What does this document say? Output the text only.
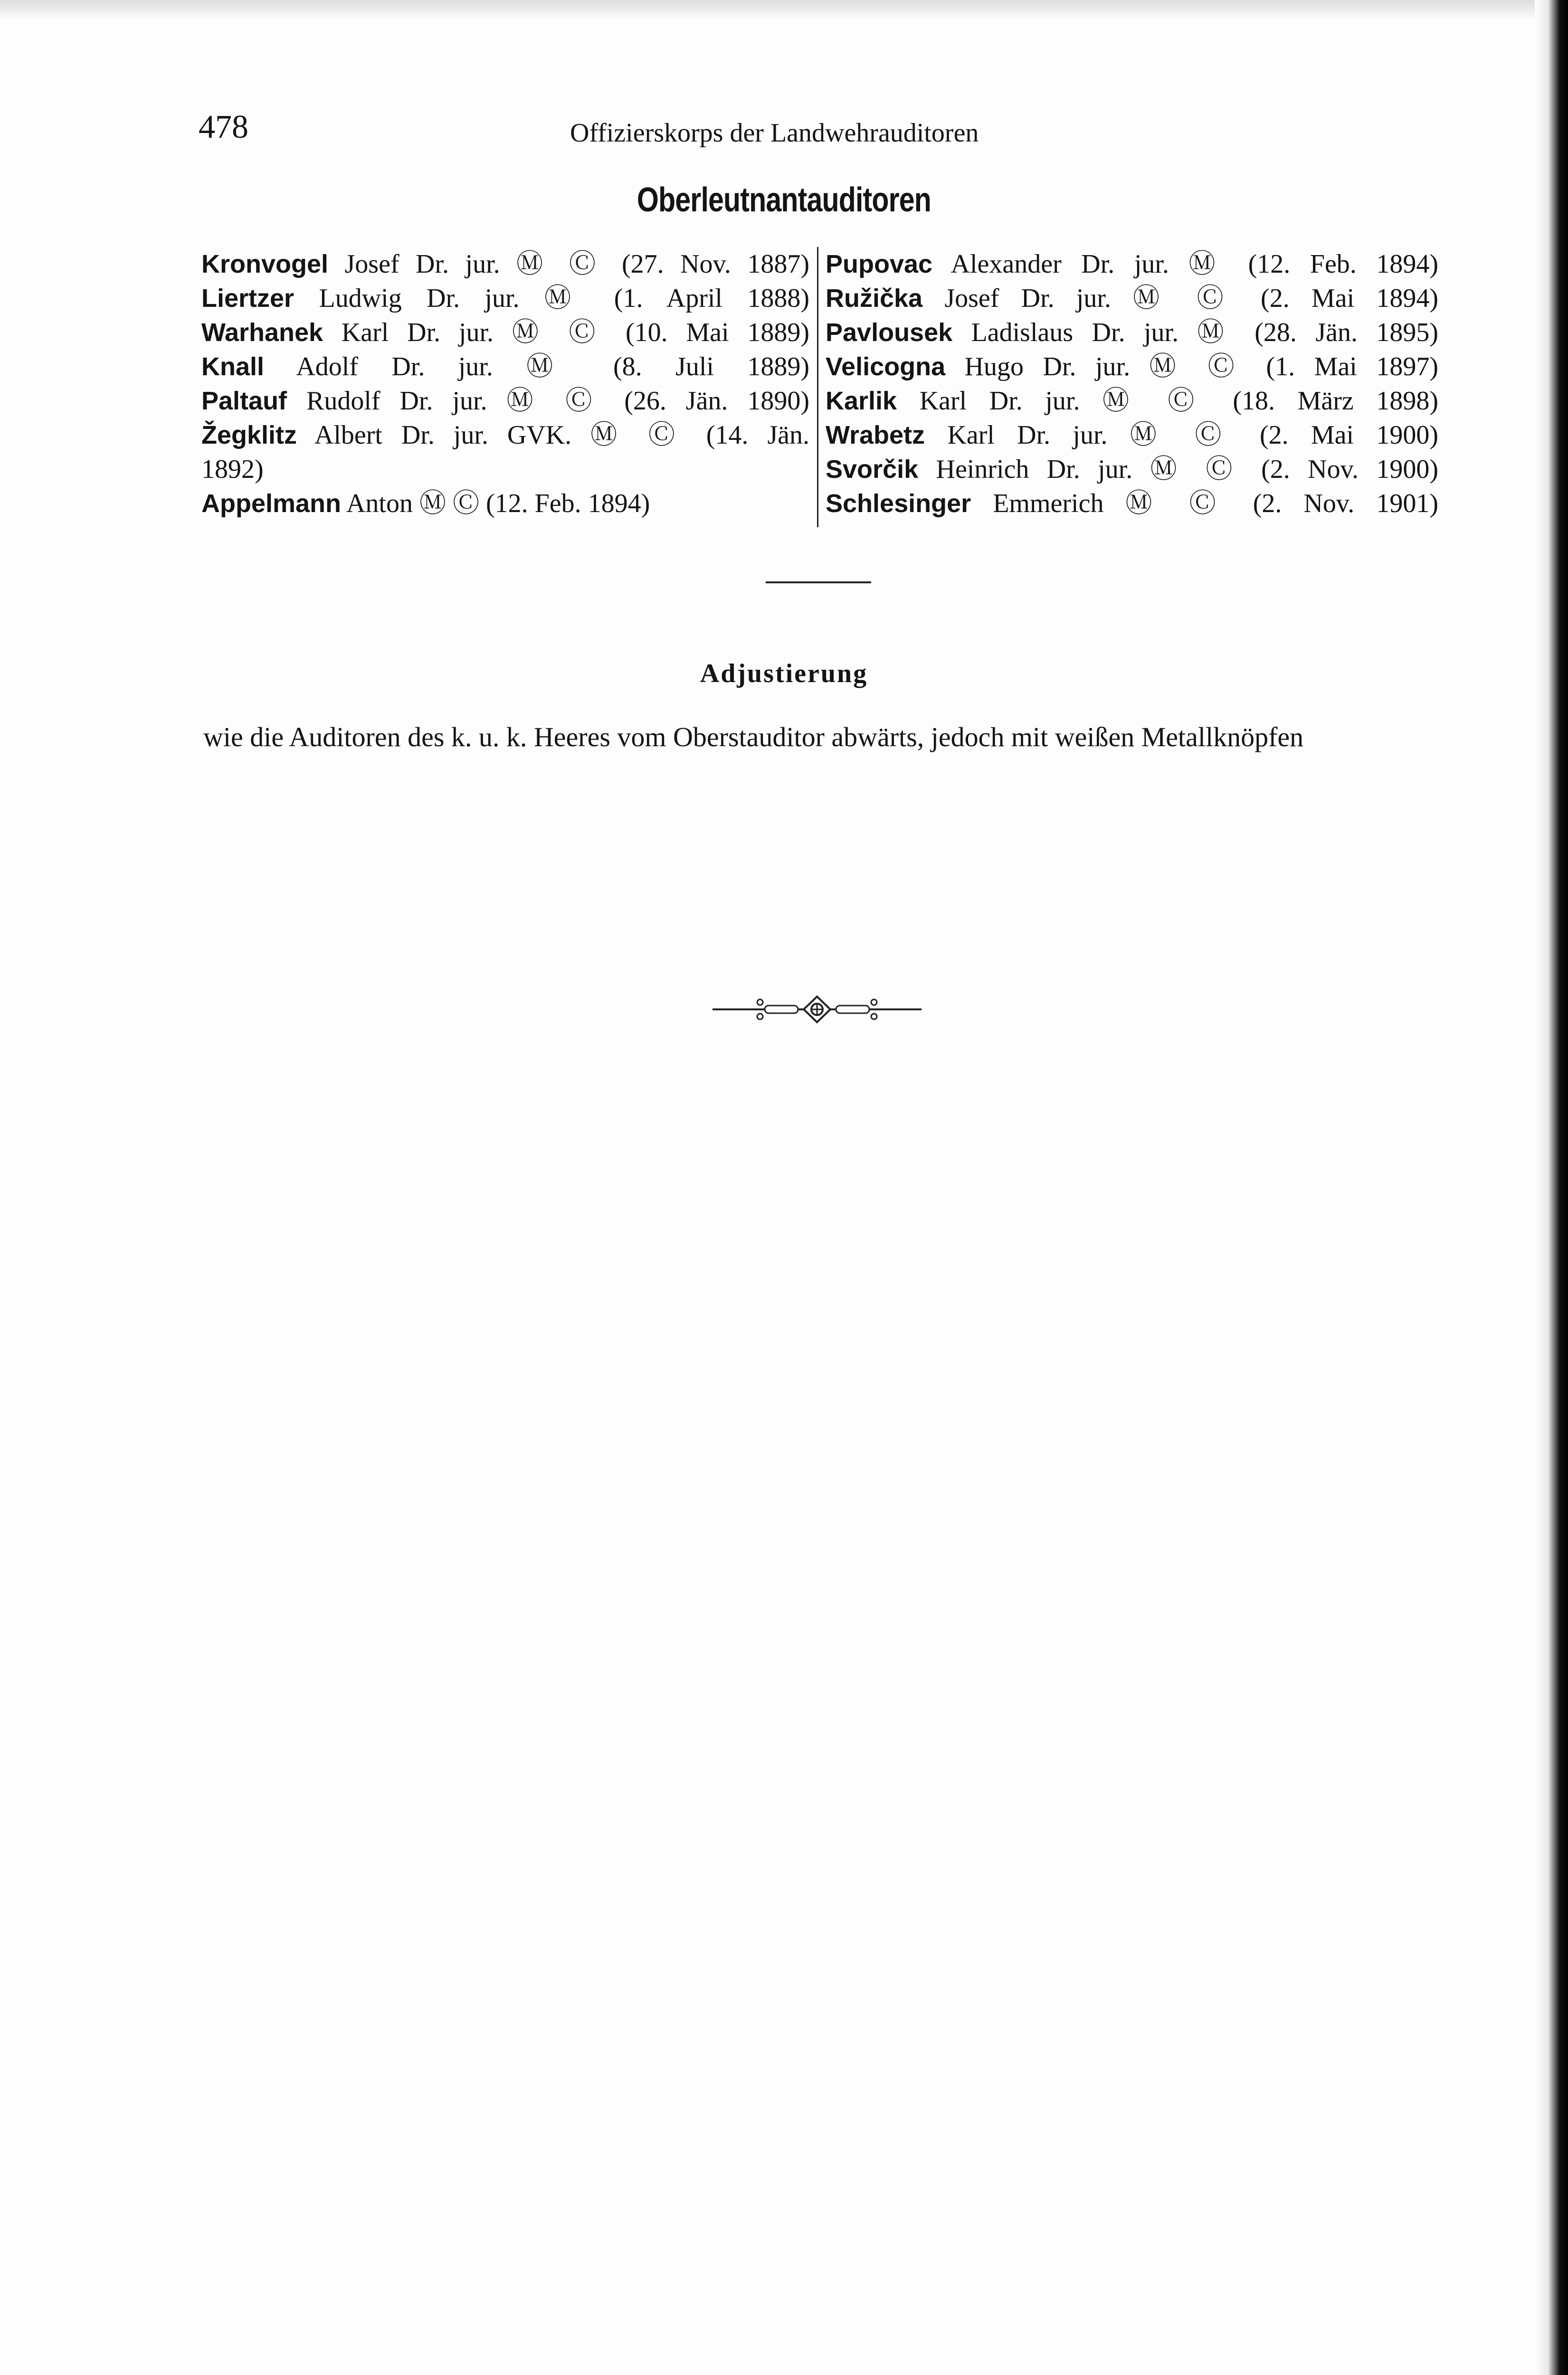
478	Offizierskorps der Landwehrauditoren
Oberleutnantauditoren
Kronvogel Josef Dr. jur. Ⓜ Ⓒ (27. Nov. 1887)
Liertzer Ludwig Dr. jur. Ⓜ (1. April 1888)
Warhanek Karl Dr. jur. Ⓜ Ⓒ (10. Mai 1889)
Knall Adolf Dr. jur. Ⓜ (8. Juli 1889)
Paltauf Rudolf Dr. jur. Ⓜ Ⓒ (26. Jän. 1890)
Žegklitz Albert Dr. jur. GVK. Ⓜ Ⓒ (14. Jän.
1892)
Appelmann Anton Ⓜ Ⓒ (12. Feb. 1894)
Pupovac Alexander Dr. jur. Ⓜ (12. Feb. 1894)
Ružička Josef Dr. jur. Ⓜ Ⓒ (2. Mai 1894)
Pavlousek Ladislaus Dr. jur. Ⓜ (28. Jän. 1895)
Velicogna Hugo Dr. jur. Ⓜ Ⓒ (1. Mai 1897)
Karlik Karl Dr. jur. Ⓜ Ⓒ (18. März 1898)
Wrabetz Karl Dr. jur. Ⓜ Ⓒ (2. Mai 1900)
Svorčik Heinrich Dr. jur. Ⓜ Ⓒ (2. Nov. 1900)
Schlesinger Emmerich Ⓜ Ⓒ (2. Nov. 1901)
Adjustierung
wie die Auditoren des k. u. k. Heeres vom Oberstauditor abwärts, jedoch mit weißen Metallknöpfen
